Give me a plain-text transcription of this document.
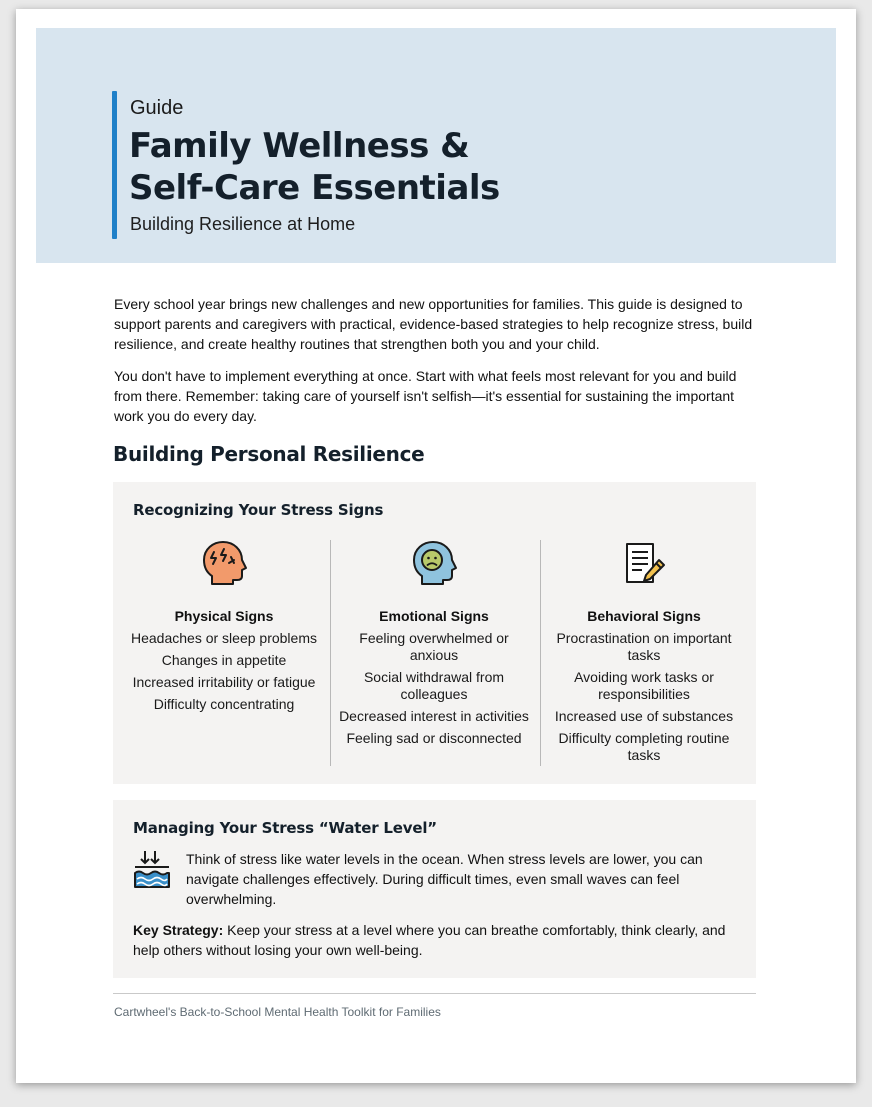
Guide
Family Wellness &
Self-Care Essentials
Building Resilience at Home

Every school year brings new challenges and new opportunities for families. This guide is designed to support parents and caregivers with practical, evidence-based strategies to help recognize stress, build resilience, and create healthy routines that strengthen both you and your child.

You don't have to implement everything at once. Start with what feels most relevant for you and build from there. Remember: taking care of yourself isn't selfish—it's essential for sustaining the important work you do every day.

Building Personal Resilience
Recognizing Your Stress Signs
Physical Signs
Headaches or sleep problems
Changes in appetite
Increased irritability or fatigue
Difficulty concentrating
Emotional Signs
Feeling overwhelmed or anxious
Social withdrawal from colleagues
Decreased interest in activities
Feeling sad or disconnected
Behavioral Signs
Procrastination on important tasks
Avoiding work tasks or responsibilities
Increased use of substances
Difficulty completing routine tasks
Managing Your Stress “Water Level”

Think of stress like water levels in the ocean. When stress levels are lower, you can navigate challenges effectively. During difficult times, even small waves can feel overwhelming.

Key Strategy: Keep your stress at a level where you can breathe comfortably, think clearly, and help others without losing your own well-being.

Cartwheel's Back-to-School Mental Health Toolkit for Families
